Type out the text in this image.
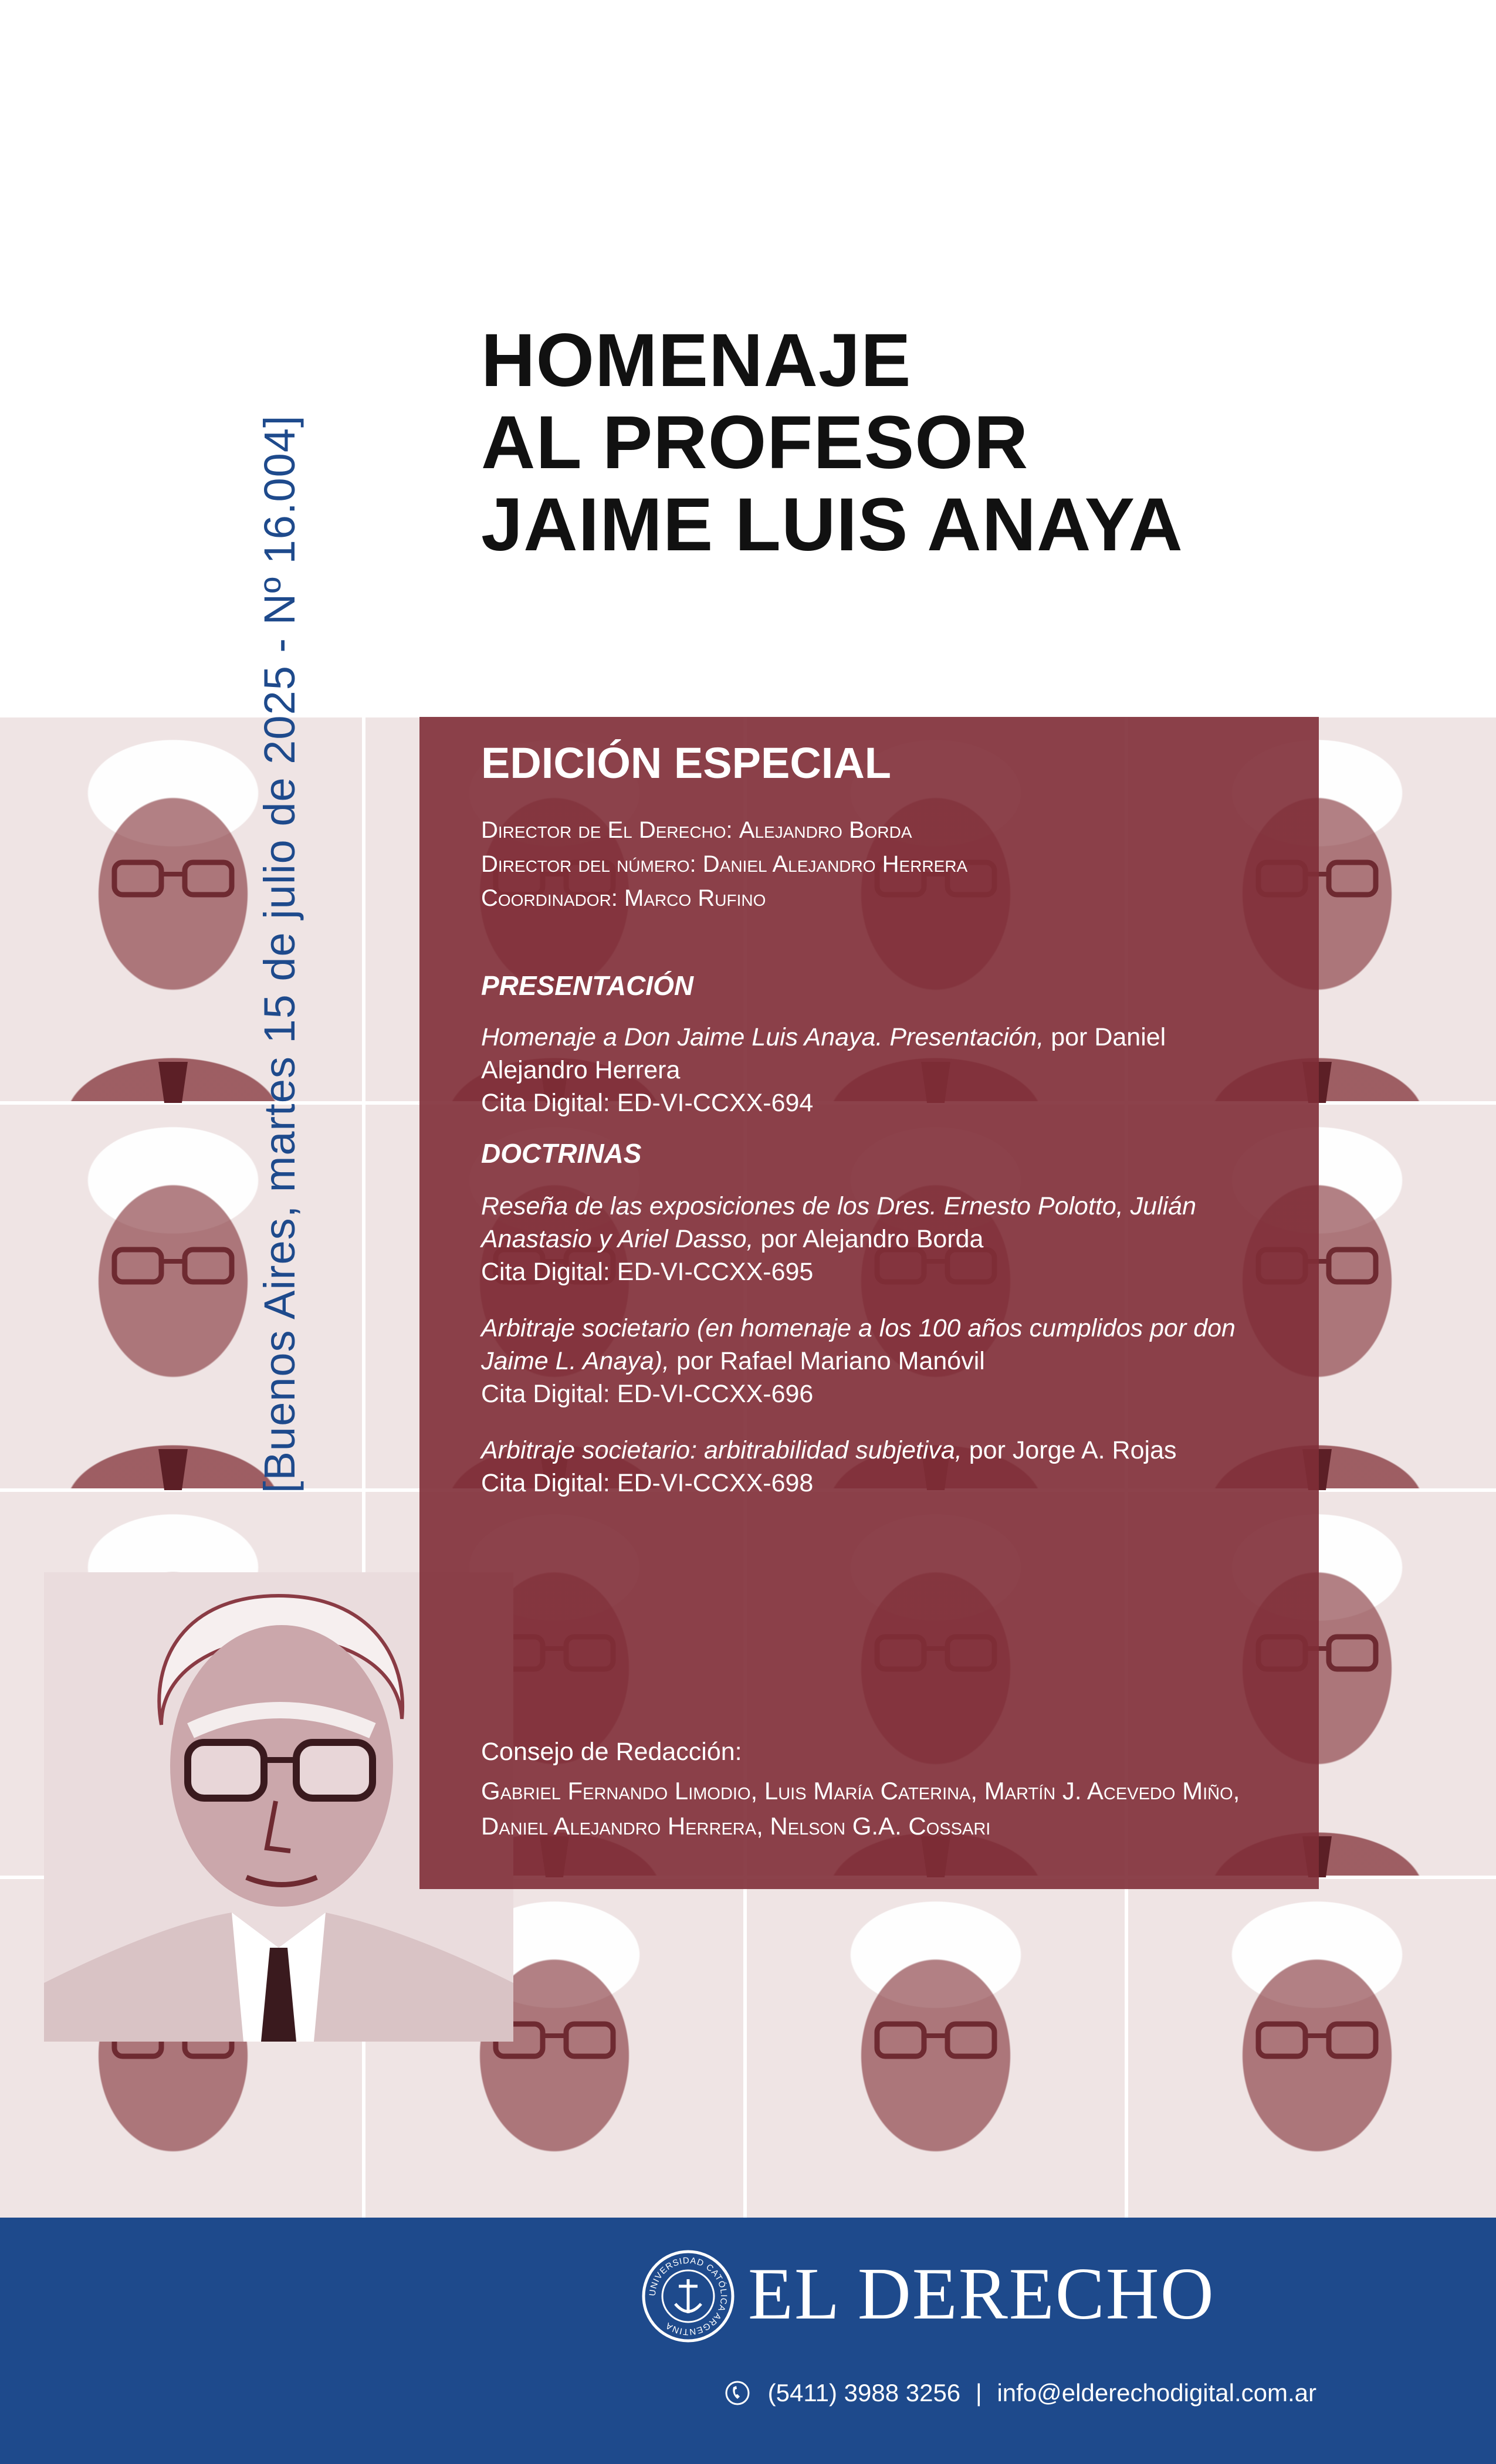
[Buenos Aires, martes 15 de julio de 2025 - Nº 16.004]
HOMENAJE
AL PROFESOR
JAIME LUIS ANAYA
EDICIÓN ESPECIAL
Director de El Derecho: Alejandro Borda
Director del número: Daniel Alejandro Herrera
Coordinador: Marco Rufino
PRESENTACIÓN
Homenaje a Don Jaime Luis Anaya. Presentación, por Daniel Alejandro Herrera
Cita Digital: ED-VI-CCXX-694
DOCTRINAS
Reseña de las exposiciones de los Dres. Ernesto Polotto, Julián Anastasio y Ariel Dasso, por Alejandro Borda
Cita Digital: ED-VI-CCXX-695
Arbitraje societario (en homenaje a los 100 años cumplidos por don Jaime L. Anaya), por Rafael Mariano Manóvil
Cita Digital: ED-VI-CCXX-696
Arbitraje societario: arbitrabilidad subjetiva, por Jorge A. Rojas
Cita Digital: ED-VI-CCXX-698
Consejo de Redacción:
Gabriel Fernando Limodio, Luis María Caterina, Martín J. Acevedo Miño, Daniel Alejandro Herrera, Nelson G.A. Cossari
UNIVERSIDAD CATÓLICA ARGENTINA EL DERECHO
(5411) 3988 3256 | info@elderechodigital.com.ar
